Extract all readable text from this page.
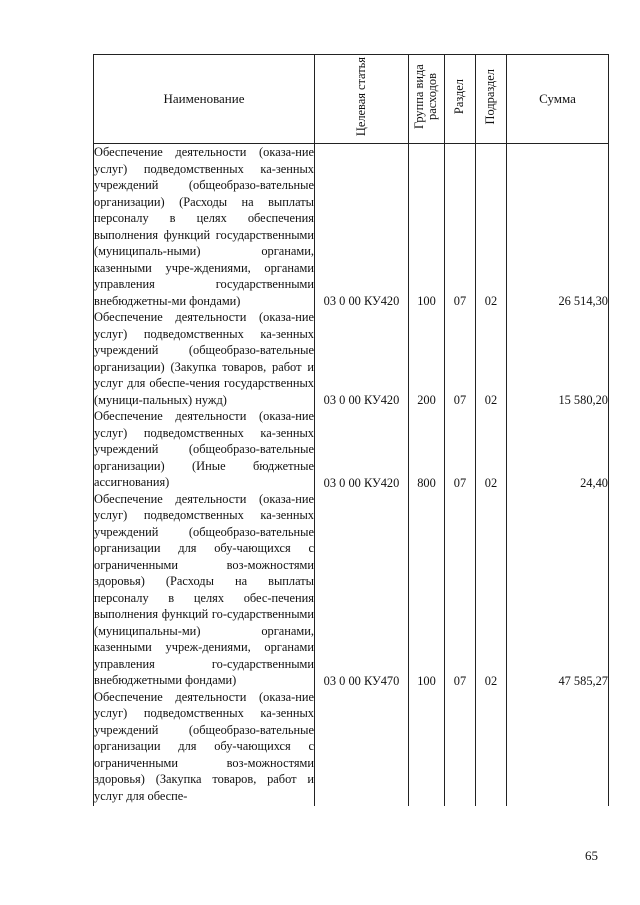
Наименование	Целевая статья	Группа вида расходов	Раздел	Подраздел	Сумма
Обеспечение деятельности (оказа-ние услуг) подведомственных ка-зенных учреждений (общеобразо-вательные организации) (Расходы на выплаты персоналу в целях обеспечения выполнения функций государственными (муниципаль-ными) органами, казенными учре-ждениями, органами управления государственными внебюджетны-ми фондами)	03 0 00 КУ420	100	07	02	26 514,30
Обеспечение деятельности (оказа-ние услуг) подведомственных ка-зенных учреждений (общеобразо-вательные организации) (Закупка товаров, работ и услуг для обеспе-чения государственных (муници-пальных) нужд)	03 0 00 КУ420	200	07	02	15 580,20
Обеспечение деятельности (оказа-ние услуг) подведомственных ка-зенных учреждений (общеобразо-вательные организации) (Иные бюджетные ассигнования)	03 0 00 КУ420	800	07	02	24,40
Обеспечение деятельности (оказа-ние услуг) подведомственных ка-зенных учреждений (общеобразо-вательные организации для обу-чающихся с ограниченными воз-можностями здоровья) (Расходы на выплаты персоналу в целях обес-печения выполнения функций го-сударственными (муниципальны-ми) органами, казенными учреж-дениями, органами управления го-сударственными внебюджетными фондами)	03 0 00 КУ470	100	07	02	47 585,27
Обеспечение деятельности (оказа-ние услуг) подведомственных ка-зенных учреждений (общеобразо-вательные организации для обу-чающихся с ограниченными воз-можностями здоровья) (Закупка товаров, работ и услуг для обеспе-					
65
